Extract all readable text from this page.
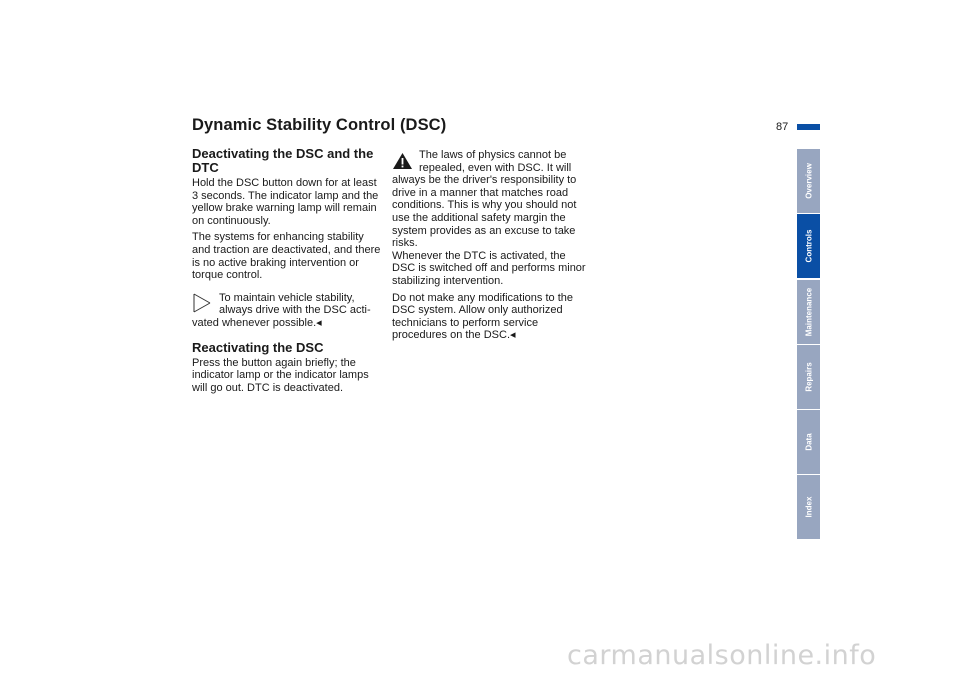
Dynamic Stability Control (DSC)	87
Deactivating the DSC and the DTC

Hold the DSC button down for at least 3 seconds. The indicator lamp and the yellow brake warning lamp will remain on continuously.

The systems for enhancing stability and traction are deactivated, and there is no active braking intervention or torque control.

To maintain vehicle stability,
always drive with the DSC acti-

vated whenever possible.◂

Reactivating the DSC

Press the button again briefly; the indicator lamp or the indicator lamps will go out. DTC is deactivated.

The laws of physics cannot be
repealed, even with DSC. It will

always be the driver's responsibility to drive in a manner that matches road conditions. This is why you should not use the additional safety margin the system provides as an excuse to take risks.

Whenever the DTC is activated, the DSC is switched off and performs minor stabilizing intervention.

Do not make any modifications to the DSC system. Allow only authorized technicians to perform service procedures on the DSC.◂

Overview
Controls
Maintenance
Repairs
Data
Index
carmanualsonline.info
